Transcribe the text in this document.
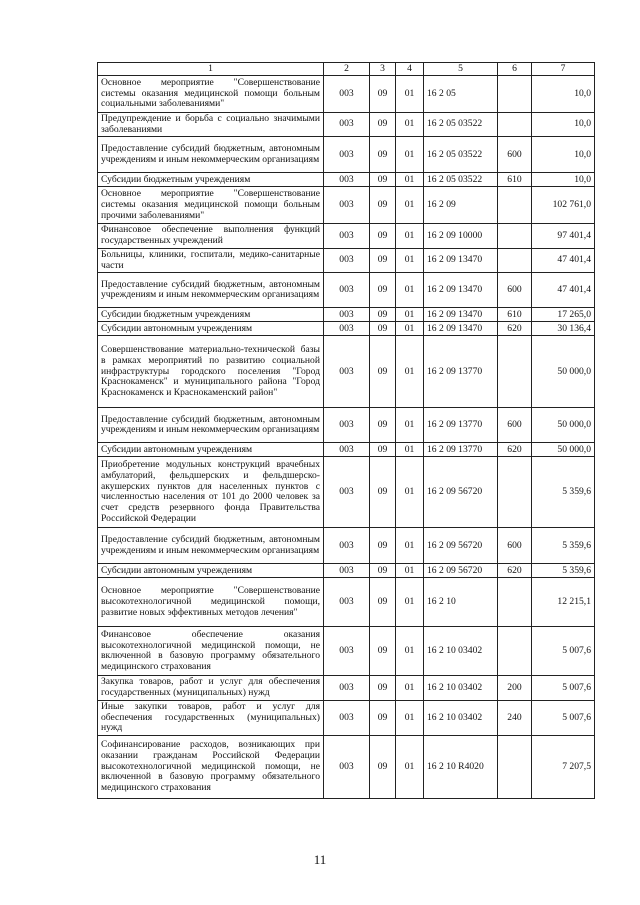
1	2	3	4	5	6	7
Основное мероприятие "Совершенствование системы оказания медицинской помощи больным социальными заболеваниями"	003	09	01	16 2 05		10,0
Предупреждение и борьба с социально значимыми заболеваниями	003	09	01	16 2 05 03522		10,0
Предоставление субсидий бюджетным, автономным учреждениям и иным некоммерческим организациям	003	09	01	16 2 05 03522	600	10,0
Субсидии бюджетным учреждениям	003	09	01	16 2 05 03522	610	10,0
Основное мероприятие "Совершенствование системы оказания медицинской помощи больным прочими заболеваниями"	003	09	01	16 2 09		102 761,0
Финансовое обеспечение выполнения функций государственных учреждений	003	09	01	16 2 09 10000		97 401,4
Больницы, клиники, госпитали, медико-санитарные части	003	09	01	16 2 09 13470		47 401,4
Предоставление субсидий бюджетным, автономным учреждениям и иным некоммерческим организациям	003	09	01	16 2 09 13470	600	47 401,4
Субсидии бюджетным учреждениям	003	09	01	16 2 09 13470	610	17 265,0
Субсидии автономным учреждениям	003	09	01	16 2 09 13470	620	30 136,4
Совершенствование материально-технической базы в рамках мероприятий по развитию социальной инфраструктуры городского поселения "Город Краснокаменск" и муниципального района "Город Краснокаменск и Краснокаменский район"	003	09	01	16 2 09 13770		50 000,0
Предоставление субсидий бюджетным, автономным учреждениям и иным некоммерческим организациям	003	09	01	16 2 09 13770	600	50 000,0
Субсидии автономным учреждениям	003	09	01	16 2 09 13770	620	50 000,0
Приобретение модульных конструкций врачебных амбулаторий, фельдшерских и фельдшерско-акушерских пунктов для населенных пунктов с численностью населения от 101 до 2000 человек за счет средств резервного фонда Правительства Российской Федерации	003	09	01	16 2 09 56720		5 359,6
Предоставление субсидий бюджетным, автономным учреждениям и иным некоммерческим организациям	003	09	01	16 2 09 56720	600	5 359,6
Субсидии автономным учреждениям	003	09	01	16 2 09 56720	620	5 359,6
Основное мероприятие "Совершенствование высокотехнологичной медицинской помощи, развитие новых эффективных методов лечения"	003	09	01	16 2 10		12 215,1
Финансовое обеспечение оказания высокотехнологичной медицинской помощи, не включенной в базовую программу обязательного медицинского страхования	003	09	01	16 2 10 03402		5 007,6
Закупка товаров, работ и услуг для обеспечения государственных (муниципальных) нужд	003	09	01	16 2 10 03402	200	5 007,6
Иные закупки товаров, работ и услуг для обеспечения государственных (муниципальных) нужд	003	09	01	16 2 10 03402	240	5 007,6
Софинансирование расходов, возникающих при оказании гражданам Российской Федерации высокотехнологичной медицинской помощи, не включенной в базовую программу обязательного медицинского страхования	003	09	01	16 2 10 R4020		7 207,5
11
